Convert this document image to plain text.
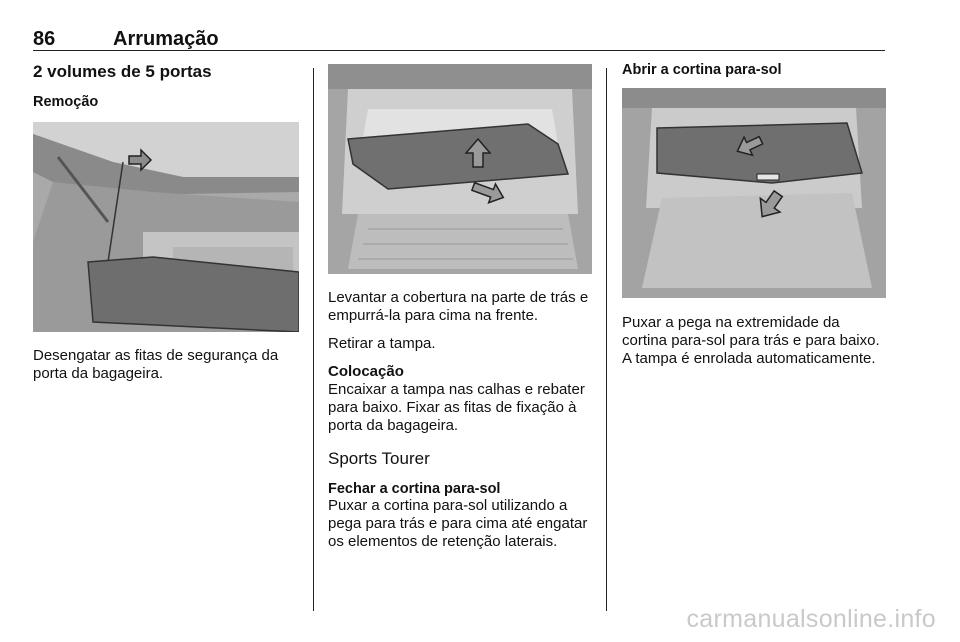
86	Arrumação
2 volumes de 5 portas
Remoção

Desengatar as fitas de segurança da porta da bagageira.

Levantar a cobertura na parte de trás e empurrá-la para cima na frente.

Retirar a tampa.

Colocação
Encaixar a tampa nas calhas e rebater para baixo. Fixar as fitas de fixação à porta da bagageira.

Sports Tourer
Fechar a cortina para-sol

Puxar a cortina para-sol utilizando a pega para trás e para cima até engatar os elementos de retenção laterais.

Abrir a cortina para-sol

Puxar a pega na extremidade da cortina para-sol para trás e para baixo. A tampa é enrolada automaticamente.

carmanualsonline.info
